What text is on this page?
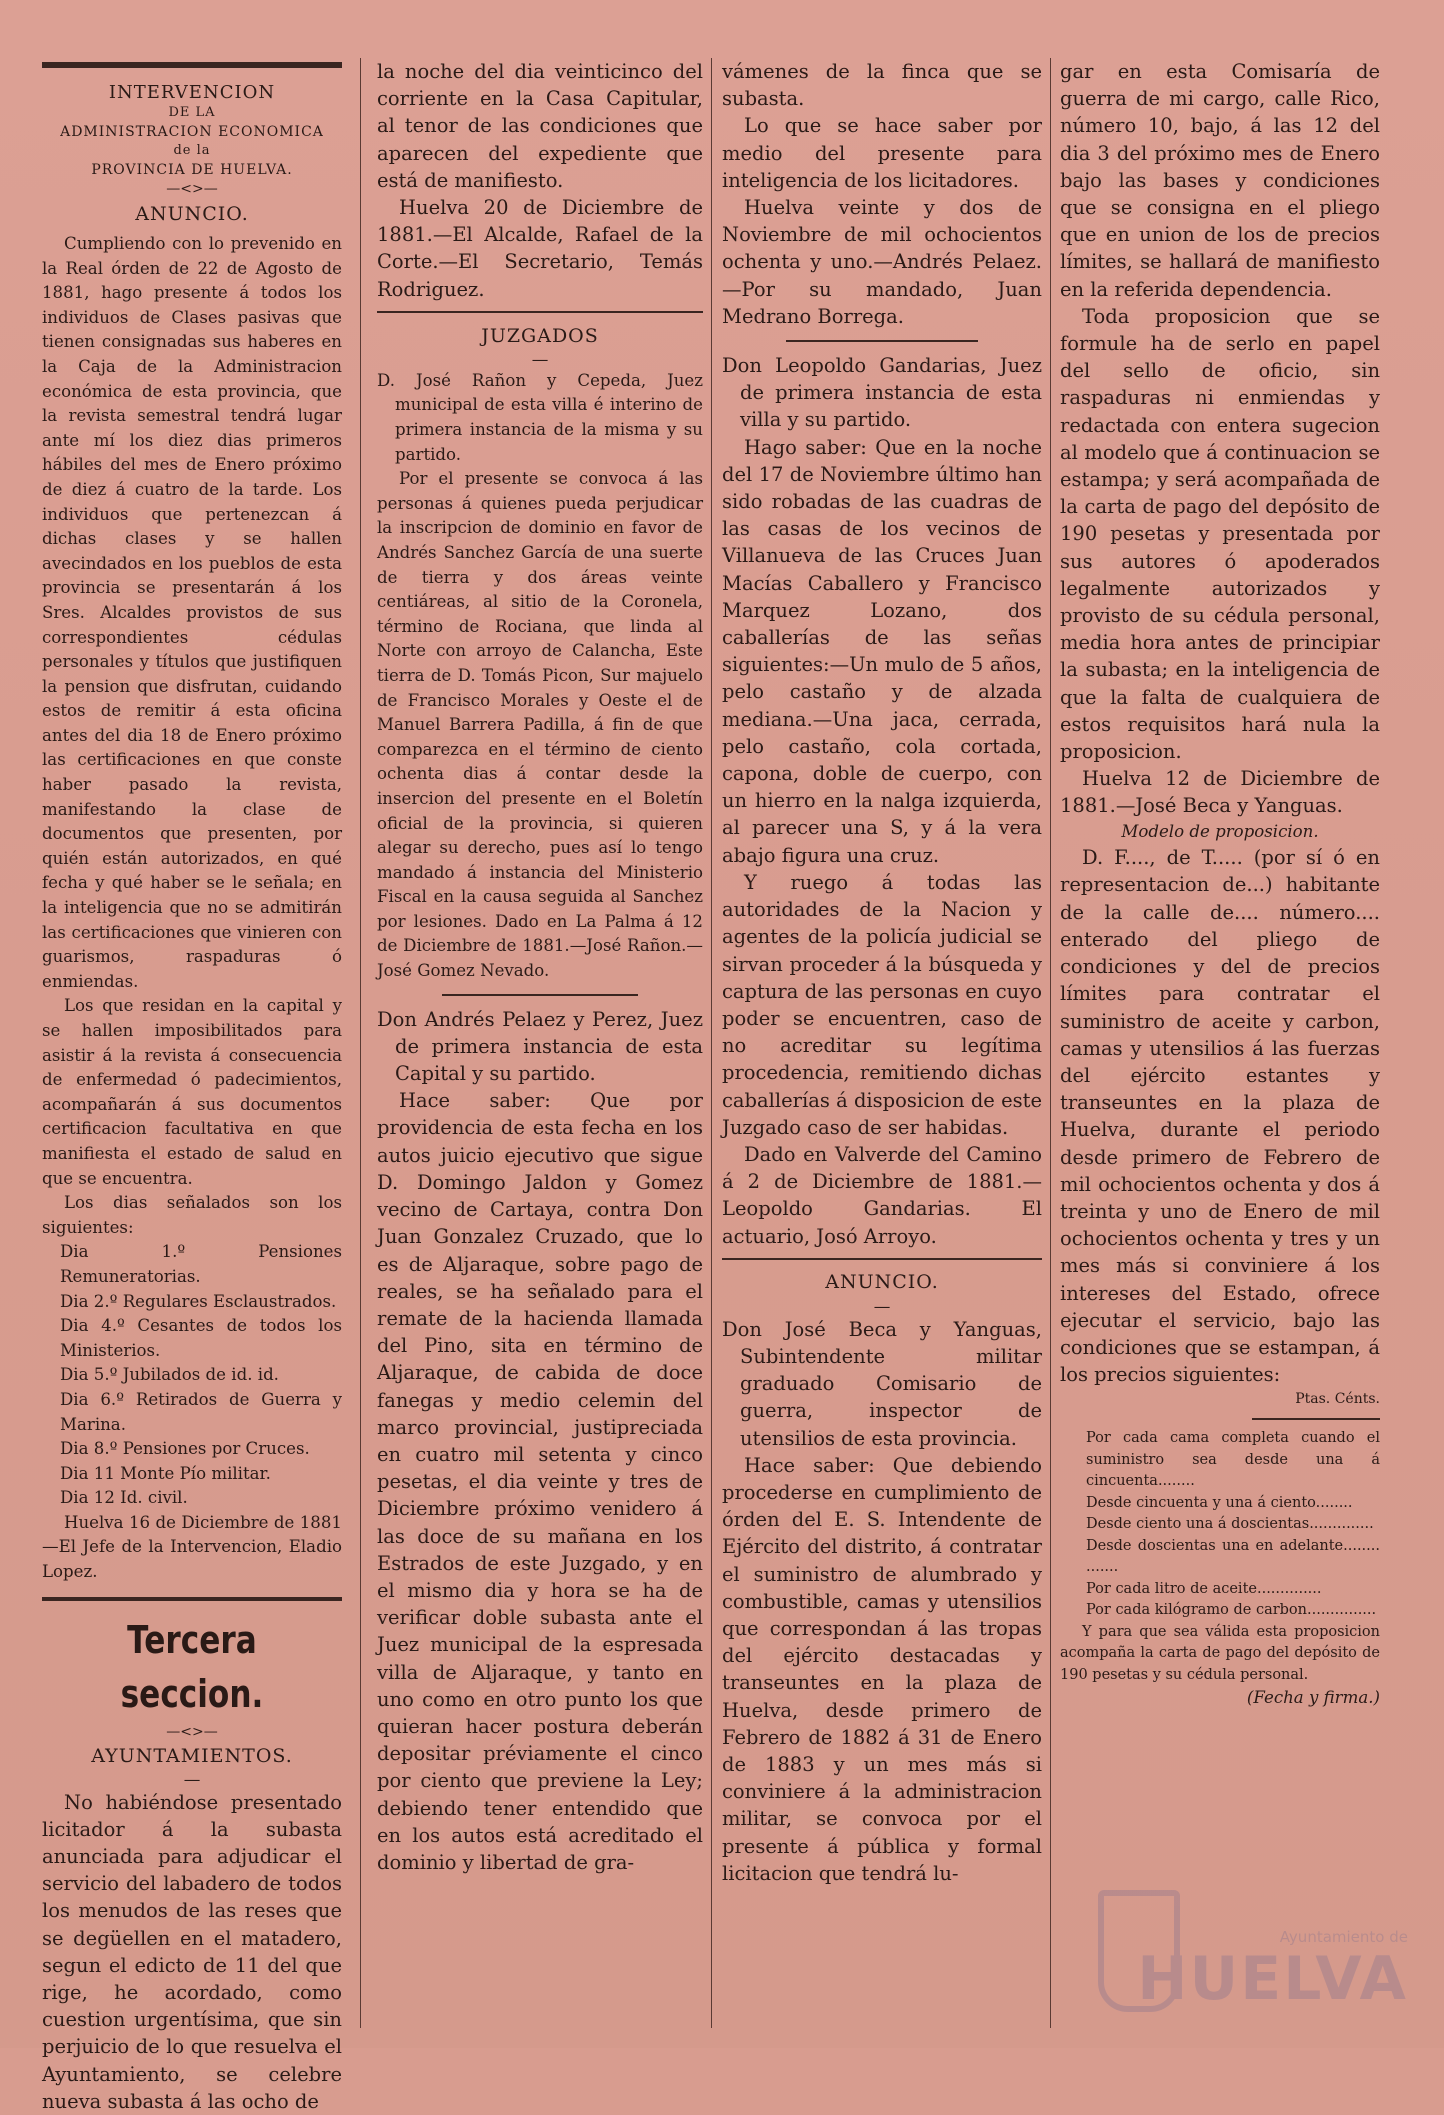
INTERVENCION
DE LA
ADMINISTRACION ECONOMICA
de la
PROVINCIA DE HUELVA.
—<>—
ANUNCIO.

Cumpliendo con lo prevenido en la Real órden de 22 de Agosto de 1881, hago presente á todos los individuos de Clases pasivas que tienen consignadas sus haberes en la Caja de la Administracion económica de esta provincia, que la revista semestral tendrá lugar ante mí los diez dias primeros hábiles del mes de Enero próximo de diez á cuatro de la tarde. Los individuos que pertenezcan á dichas clases y se hallen avecindados en los pueblos de esta provincia se presentarán á los Sres. Alcaldes provistos de sus correspondientes cédulas personales y títulos que justifiquen la pension que disfrutan, cuidando estos de remitir á esta oficina antes del dia 18 de Enero próximo las certificaciones en que conste haber pasado la revista, manifestando la clase de documentos que presenten, por quién están autorizados, en qué fecha y qué haber se le señala; en la inteligencia que no se admitirán las certificaciones que vinieren con guarismos, raspaduras ó enmiendas.

Los que residan en la capital y se hallen imposibilitados para asistir á la revista á consecuencia de enfermedad ó padecimientos, acompañarán á sus documentos certificacion facultativa en que manifiesta el estado de salud en que se encuentra.

Los dias señalados son los siguientes:

Dia 1.º Pensiones Remuneratorias.
Dia 2.º Regulares Esclaustrados.
Dia 4.º Cesantes de todos los Ministerios.
Dia 5.º Jubilados de id. id.
Dia 6.º Retirados de Guerra y Marina.
Dia 8.º Pensiones por Cruces.
Dia 11 Monte Pío militar.
Dia 12 Id. civil.

Huelva 16 de Diciembre de 1881 —El Jefe de la Intervencion, Eladio Lopez.

Tercera seccion.
—<>—
AYUNTAMIENTOS.
—

No habiéndose presentado licitador á la subasta anunciada para adjudicar el servicio del labadero de todos los menudos de las reses que se degüellen en el matadero, segun el edicto de 11 del que rige, he acordado, como cuestion urgentísima, que sin perjuicio de lo que resuelva el Ayuntamiento, se celebre nueva subasta á las ocho de

la noche del dia veinticinco del corriente en la Casa Capitular, al tenor de las condiciones que aparecen del expediente que está de manifiesto.

Huelva 20 de Diciembre de 1881.—El Alcalde, Rafael de la Corte.—El Secretario, Temás Rodriguez.

JUZGADOS
—

D. José Rañon y Cepeda, Juez municipal de esta villa é interino de primera instancia de la misma y su partido.

Por el presente se convoca á las personas á quienes pueda perjudicar la inscripcion de dominio en favor de Andrés Sanchez García de una suerte de tierra y dos áreas veinte centiáreas, al sitio de la Coronela, término de Rociana, que linda al Norte con arroyo de Calancha, Este tierra de D. Tomás Picon, Sur majuelo de Francisco Morales y Oeste el de Manuel Barrera Padilla, á fin de que comparezca en el término de ciento ochenta dias á contar desde la insercion del presente en el Boletín oficial de la provincia, si quieren alegar su derecho, pues así lo tengo mandado á instancia del Ministerio Fiscal en la causa seguida al Sanchez por lesiones. Dado en La Palma á 12 de Diciembre de 1881.—José Rañon.—José Gomez Nevado.

Don Andrés Pelaez y Perez, Juez de primera instancia de esta Capital y su partido.

Hace saber: Que por providencia de esta fecha en los autos juicio ejecutivo que sigue D. Domingo Jaldon y Gomez vecino de Cartaya, contra Don Juan Gonzalez Cruzado, que lo es de Aljaraque, sobre pago de reales, se ha señalado para el remate de la hacienda llamada del Pino, sita en término de Aljaraque, de cabida de doce fanegas y medio celemin del marco provincial, justipreciada en cuatro mil setenta y cinco pesetas, el dia veinte y tres de Diciembre próximo venidero á las doce de su mañana en los Estrados de este Juzgado, y en el mismo dia y hora se ha de verificar doble subasta ante el Juez municipal de la espresada villa de Aljaraque, y tanto en uno como en otro punto los que quieran hacer postura deberán depositar préviamente el cinco por ciento que previene la Ley; debiendo tener entendido que en los autos está acreditado el dominio y libertad de gra-

vámenes de la finca que se subasta.

Lo que se hace saber por medio del presente para inteligencia de los licitadores.

Huelva veinte y dos de Noviembre de mil ochocientos ochenta y uno.—Andrés Pelaez.—Por su mandado, Juan Medrano Borrega.

Don Leopoldo Gandarias, Juez de primera instancia de esta villa y su partido.

Hago saber: Que en la noche del 17 de Noviembre último han sido robadas de las cuadras de las casas de los vecinos de Villanueva de las Cruces Juan Macías Caballero y Francisco Marquez Lozano, dos caballerías de las señas siguientes:—Un mulo de 5 años, pelo castaño y de alzada mediana.—Una jaca, cerrada, pelo castaño, cola cortada, capona, doble de cuerpo, con un hierro en la nalga izquierda, al parecer una S, y á la vera abajo figura una cruz.

Y ruego á todas las autoridades de la Nacion y agentes de la policía judicial se sirvan proceder á la búsqueda y captura de las personas en cuyo poder se encuentren, caso de no acreditar su legítima procedencia, remitiendo dichas caballerías á disposicion de este Juzgado caso de ser habidas.

Dado en Valverde del Camino á 2 de Diciembre de 1881.—Leopoldo Gandarias. El actuario, Josó Arroyo.

ANUNCIO.
—

Don José Beca y Yanguas, Subintendente militar graduado Comisario de guerra, inspector de utensilios de esta provincia.

Hace saber: Que debiendo procederse en cumplimiento de órden del E. S. Intendente de Ejército del distrito, á contratar el suministro de alumbrado y combustible, camas y utensilios que correspondan á las tropas del ejército destacadas y transeuntes en la plaza de Huelva, desde primero de Febrero de 1882 á 31 de Enero de 1883 y un mes más si conviniere á la administracion militar, se convoca por el presente á pública y formal licitacion que tendrá lu-

gar en esta Comisaría de guerra de mi cargo, calle Rico, número 10, bajo, á las 12 del dia 3 del próximo mes de Enero bajo las bases y condiciones que se consigna en el pliego que en union de los de precios límites, se hallará de manifiesto en la referida dependencia.

Toda proposicion que se formule ha de serlo en papel del sello de oficio, sin raspaduras ni enmiendas y redactada con entera sugecion al modelo que á continuacion se estampa; y será acompañada de la carta de pago del depósito de 190 pesetas y presentada por sus autores ó apoderados legalmente autorizados y provisto de su cédula personal, media hora antes de principiar la subasta; en la inteligencia de que la falta de cualquiera de estos requisitos hará nula la proposicion.

Huelva 12 de Diciembre de 1881.—José Beca y Yanguas.

Modelo de proposicion.

D. F...., de T..... (por sí ó en representacion de...) habitante de la calle de.... número.... enterado del pliego de condiciones y del de precios límites para contratar el suministro de aceite y carbon, camas y utensilios á las fuerzas del ejército estantes y transeuntes en la plaza de Huelva, durante el periodo desde primero de Febrero de mil ochocientos ochenta y dos á treinta y uno de Enero de mil ochocientos ochenta y tres y un mes más si conviniere á los intereses del Estado, ofrece ejecutar el servicio, bajo las condiciones que se estampan, á los precios siguientes:

Ptas. Cénts.
Por cada cama completa cuando el suministro sea desde una á cincuenta........
Desde cincuenta y una á ciento........
Desde ciento una á doscientas..............
Desde doscientas una en adelante........ .......
Por cada litro de aceite..............
Por cada kilógramo de carbon...............

Y para que sea válida esta proposicion acompaña la carta de pago del depósito de 190 pesetas y su cédula personal.

(Fecha y firma.)
Ayuntamiento de
HUELVA
